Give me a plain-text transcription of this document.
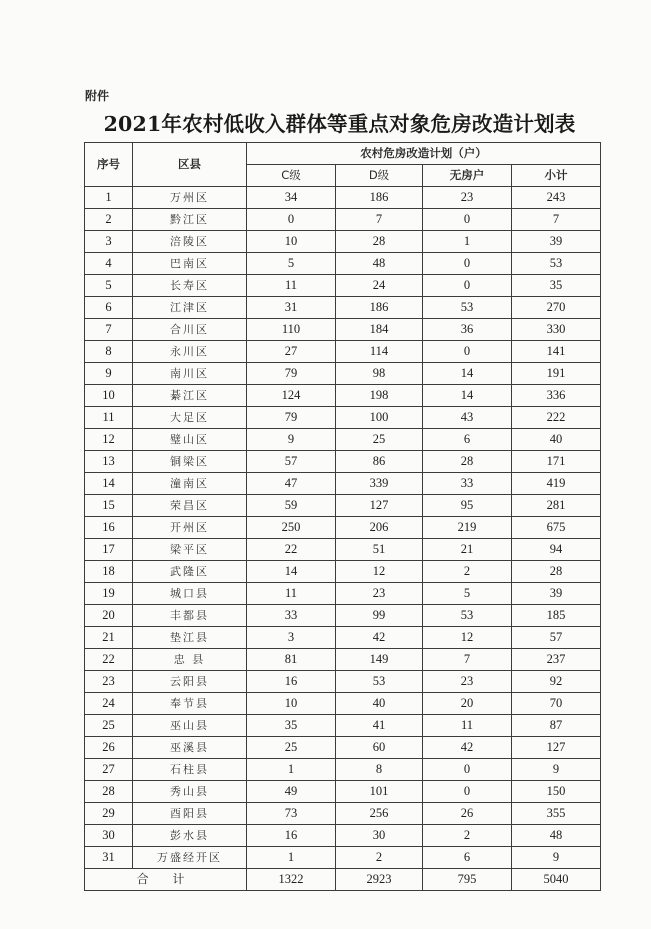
附件
2021年农村低收入群体等重点对象危房改造计划表
序号	区县	农村危房改造计划（户）			
		C级	D级	无房户	小计
1	万州区	34	186	23	243
2	黔江区	0	7	0	7
3	涪陵区	10	28	1	39
4	巴南区	5	48	0	53
5	长寿区	11	24	0	35
6	江津区	31	186	53	270
7	合川区	110	184	36	330
8	永川区	27	114	0	141
9	南川区	79	98	14	191
10	綦江区	124	198	14	336
11	大足区	79	100	43	222
12	璧山区	9	25	6	40
13	铜梁区	57	86	28	171
14	潼南区	47	339	33	419
15	荣昌区	59	127	95	281
16	开州区	250	206	219	675
17	梁平区	22	51	21	94
18	武隆区	14	12	2	28
19	城口县	11	23	5	39
20	丰都县	33	99	53	185
21	垫江县	3	42	12	57
22	忠 县	81	149	7	237
23	云阳县	16	53	23	92
24	奉节县	10	40	20	70
25	巫山县	35	41	11	87
26	巫溪县	25	60	42	127
27	石柱县	1	8	0	9
28	秀山县	49	101	0	150
29	酉阳县	73	256	26	355
30	彭水县	16	30	2	48
31	万盛经开区	1	2	6	9
合 计		1322	2923	795	5040
